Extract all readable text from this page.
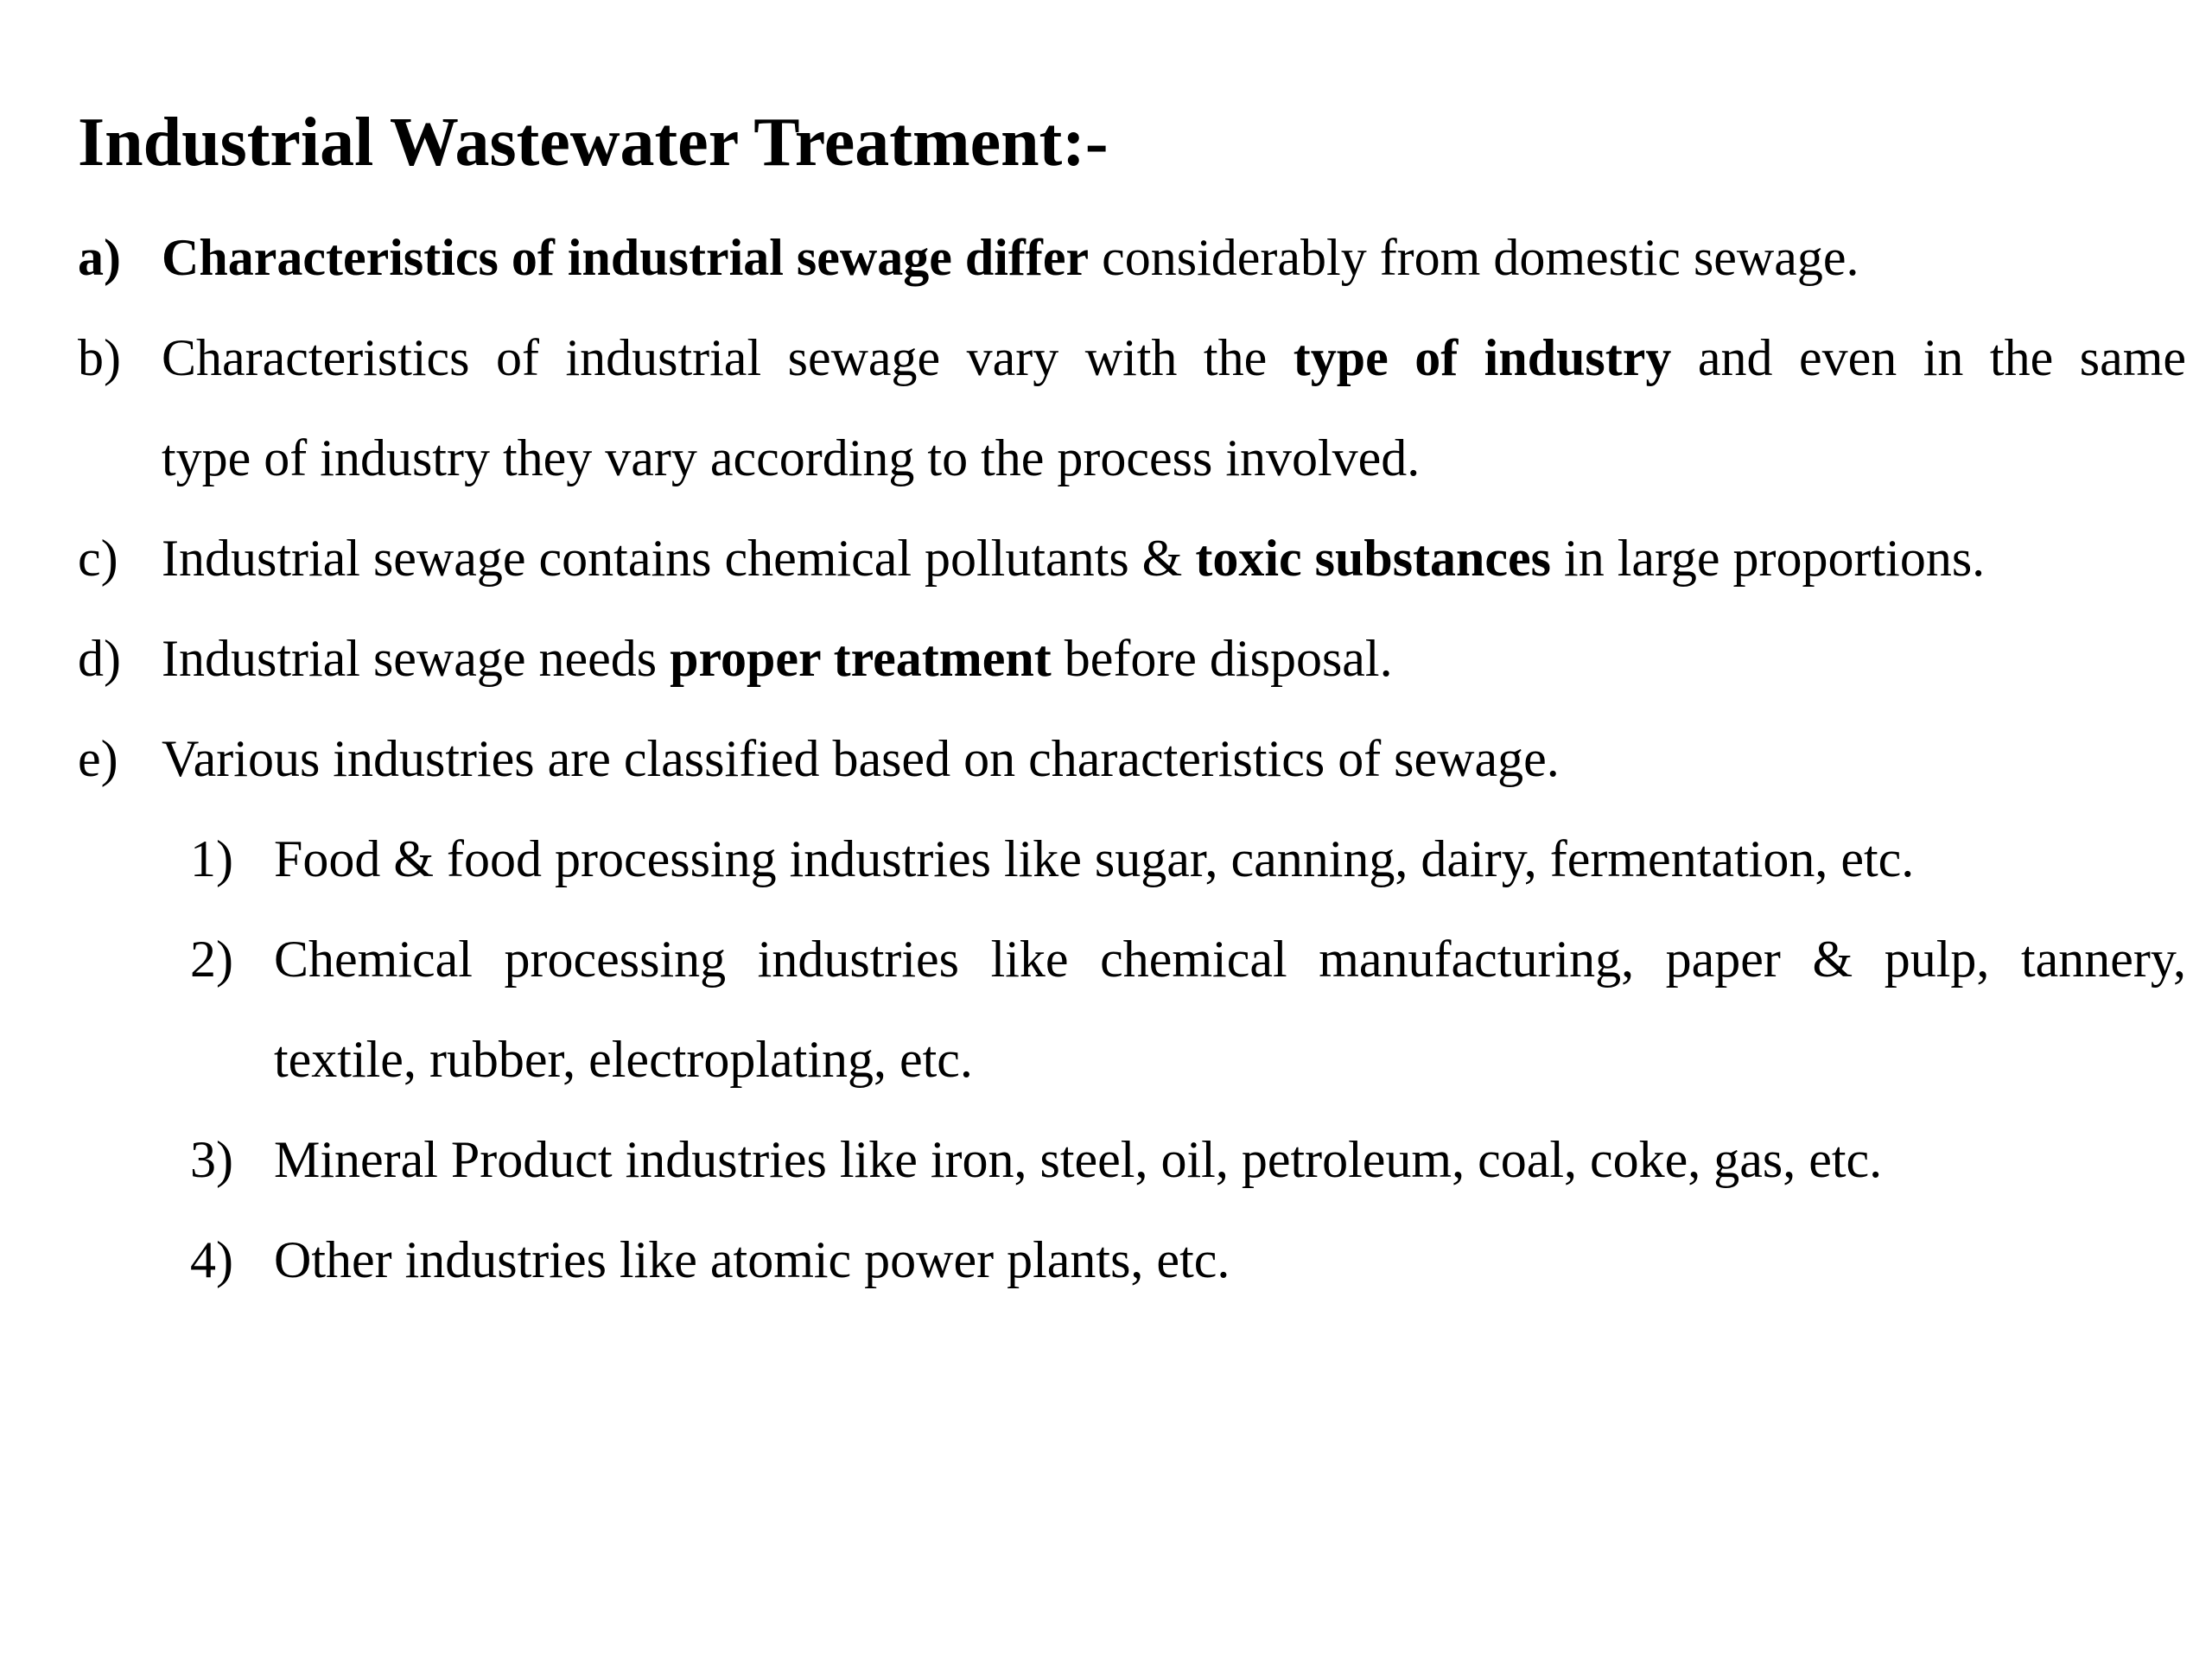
Industrial Wastewater Treatment:-
a) Characteristics of industrial sewage differ considerably from domestic sewage.
b) Characteristics of industrial sewage vary with the type of industry and even in the same
type of industry they vary according to the process involved.
c) Industrial sewage contains chemical pollutants & toxic substances in large proportions.
d) Industrial sewage needs proper treatment before disposal.
e) Various industries are classified based on characteristics of sewage.
1) Food & food processing industries like sugar, canning, dairy, fermentation, etc.
2) Chemical processing industries like chemical manufacturing, paper & pulp, tannery,
textile, rubber, electroplating, etc.
3) Mineral Product industries like iron, steel, oil, petroleum, coal, coke, gas, etc.
4) Other industries like atomic power plants, etc.
